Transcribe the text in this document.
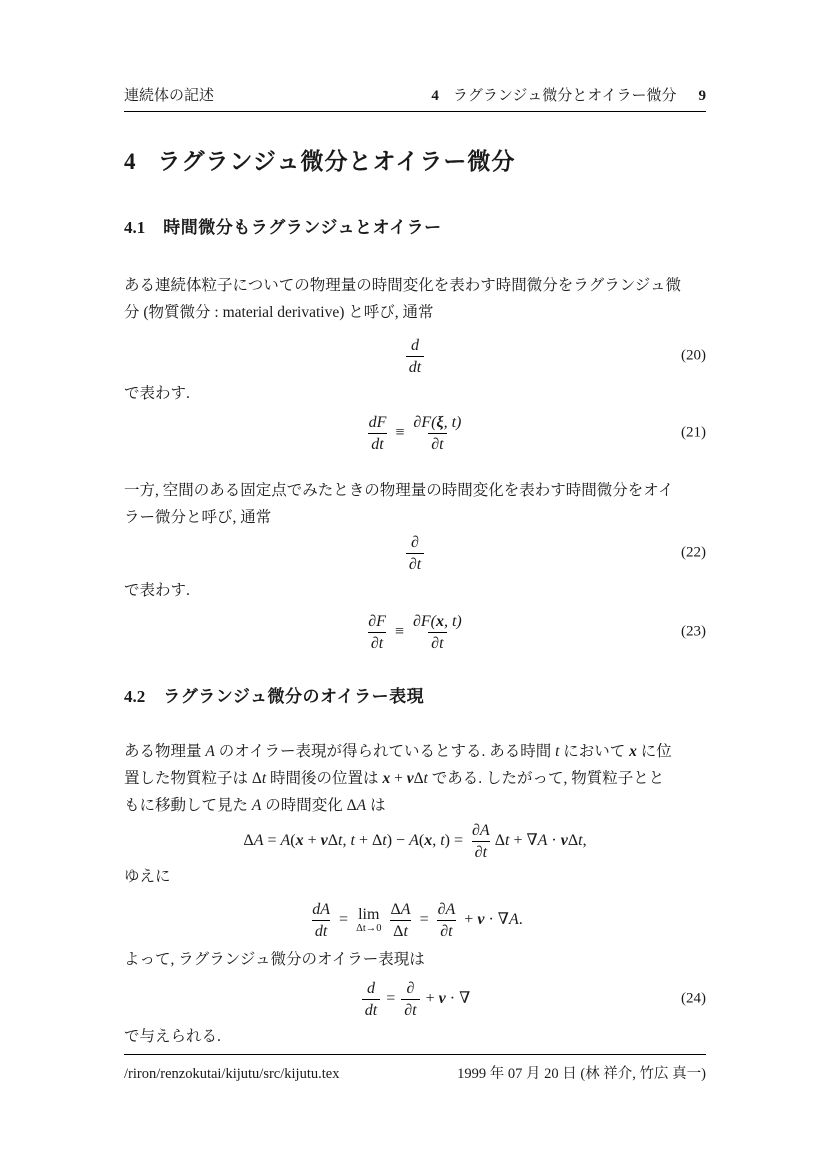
連続体の記述	4 ラグランジュ微分とオイラー微分 9
4 ラグランジュ微分とオイラー微分
4.1 時間微分もラグランジュとオイラー
ある連続体粒子についての物理量の時間変化を表わす時間微分をラグランジュ微
分 (物質微分 : material derivative) と呼び, 通常
$\frac{d}{dt}$	(20)
で表わす.
$\frac{dF}{dt} \equiv \frac{\partial F(\xi, t)}{\partial t}$	(21)
一方, 空間のある固定点でみたときの物理量の時間変化を表わす時間微分をオイ
ラー微分と呼び, 通常
$\frac{\partial}{\partial t}$	(22)
で表わす.
$\frac{\partial F}{\partial t} \equiv \frac{\partial F(x, t)}{\partial t}$	(23)
4.2 ラグランジュ微分のオイラー表現
ある物理量 A のオイラー表現が得られているとする. ある時間 t において x に位
置した物質粒子は Δt 時間後の位置は x + vΔt である. したがって, 物質粒子とと
もに移動して見た A の時間変化 ΔA は
ΔA = A(x + vΔt, t + Δt) − A(x, $t) = \frac{\partial A}{\partial t}$ Δt + ∇A · vΔt,
ゆえに
$\frac{dA}{dt} = \lim$
$\Delta t\to 0 \frac{\Delta A}{\Delta t} = \frac{\partial A}{\partial t} + v \cdot \nabla A$.
よって, ラグランジュ微分のオイラー表現は
$\frac{d}{dt} = \frac{\partial}{\partial t} + v$ · ∇	(24)
で与えられる.
/riron/renzokutai/kijutu/src/kijutu.tex	1999 年 07 月 20 日 (林 祥介, 竹広 真一)
